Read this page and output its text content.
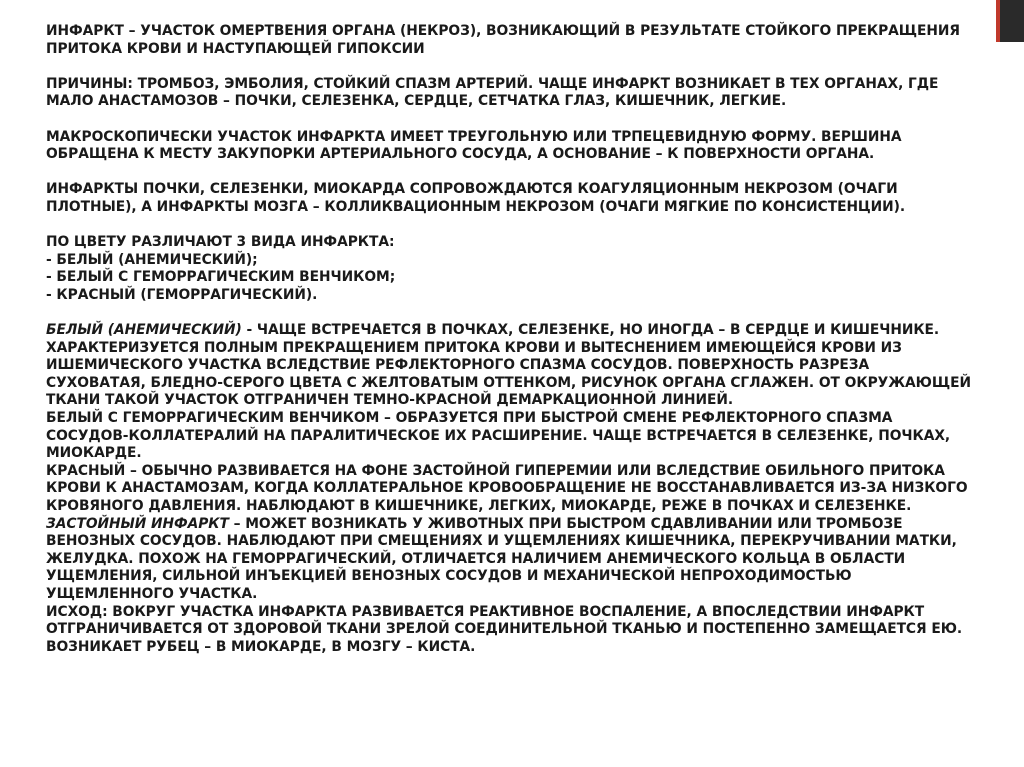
ИНФАРКТ – УЧАСТОК ОМЕРТВЕНИЯ ОРГАНА (НЕКРОЗ), ВОЗНИКАЮЩИЙ В РЕЗУЛЬТАТЕ СТОЙКОГО ПРЕКРАЩЕНИЯ ПРИТОКА КРОВИ И НАСТУПАЮЩЕЙ ГИПОКСИИ

ПРИЧИНЫ: ТРОМБОЗ, ЭМБОЛИЯ, СТОЙКИЙ СПАЗМ АРТЕРИЙ. ЧАЩЕ ИНФАРКТ ВОЗНИКАЕТ В ТЕХ ОРГАНАХ, ГДЕ МАЛО АНАСТАМОЗОВ – ПОЧКИ, СЕЛЕЗЕНКА, СЕРДЦЕ, СЕТЧАТКА ГЛАЗ, КИШЕЧНИК, ЛЕГКИЕ.

МАКРОСКОПИЧЕСКИ УЧАСТОК ИНФАРКТА ИМЕЕТ ТРЕУГОЛЬНУЮ ИЛИ ТРПЕЦЕВИДНУЮ ФОРМУ. ВЕРШИНА ОБРАЩЕНА К МЕСТУ ЗАКУПОРКИ АРТЕРИАЛЬНОГО СОСУДА, А ОСНОВАНИЕ – К ПОВЕРХНОСТИ ОРГАНА.

ИНФАРКТЫ ПОЧКИ, СЕЛЕЗЕНКИ, МИОКАРДА СОПРОВОЖДАЮТСЯ КОАГУЛЯЦИОННЫМ НЕКРОЗОМ (ОЧАГИ ПЛОТНЫЕ), А ИНФАРКТЫ МОЗГА – КОЛЛИКВАЦИОННЫМ НЕКРОЗОМ (ОЧАГИ МЯГКИЕ ПО КОНСИСТЕНЦИИ).

ПО ЦВЕТУ РАЗЛИЧАЮТ 3 ВИДА ИНФАРКТА:

- БЕЛЫЙ (АНЕМИЧЕСКИЙ);
- БЕЛЫЙ С ГЕМОРРАГИЧЕСКИМ ВЕНЧИКОМ;
- КРАСНЫЙ (ГЕМОРРАГИЧЕСКИЙ).

БЕЛЫЙ (АНЕМИЧЕСКИЙ) - ЧАЩЕ ВСТРЕЧАЕТСЯ В ПОЧКАХ, СЕЛЕЗЕНКЕ, НО ИНОГДА – В СЕРДЦЕ И КИШЕЧНИКЕ. ХАРАКТЕРИЗУЕТСЯ ПОЛНЫМ ПРЕКРАЩЕНИЕМ ПРИТОКА КРОВИ И ВЫТЕСНЕНИЕМ ИМЕЮЩЕЙСЯ КРОВИ ИЗ ИШЕМИЧЕСКОГО УЧАСТКА ВСЛЕДСТВИЕ РЕФЛЕКТОРНОГО СПАЗМА СОСУДОВ. ПОВЕРХНОСТЬ РАЗРЕЗА СУХОВАТАЯ, БЛЕДНО-СЕРОГО ЦВЕТА С ЖЕЛТОВАТЫМ ОТТЕНКОМ, РИСУНОК ОРГАНА СГЛАЖЕН. ОТ ОКРУЖАЮЩЕЙ ТКАНИ ТАКОЙ УЧАСТОК ОТГРАНИЧЕН ТЕМНО-КРАСНОЙ ДЕМАРКАЦИОННОЙ ЛИНИЕЙ.

БЕЛЫЙ С ГЕМОРРАГИЧЕСКИМ ВЕНЧИКОМ – ОБРАЗУЕТСЯ ПРИ БЫСТРОЙ СМЕНЕ РЕФЛЕКТОРНОГО СПАЗМА СОСУДОВ-КОЛЛАТЕРАЛИЙ НА ПАРАЛИТИЧЕСКОЕ ИХ РАСШИРЕНИЕ. ЧАЩЕ ВСТРЕЧАЕТСЯ В СЕЛЕЗЕНКЕ, ПОЧКАХ, МИОКАРДЕ.

КРАСНЫЙ – ОБЫЧНО РАЗВИВАЕТСЯ НА ФОНЕ ЗАСТОЙНОЙ ГИПЕРЕМИИ ИЛИ ВСЛЕДСТВИЕ ОБИЛЬНОГО ПРИТОКА КРОВИ К АНАСТАМОЗАМ, КОГДА КОЛЛАТЕРАЛЬНОЕ КРОВООБРАЩЕНИЕ НЕ ВОССТАНАВЛИВАЕТСЯ ИЗ-ЗА НИЗКОГО КРОВЯНОГО ДАВЛЕНИЯ. НАБЛЮДАЮТ В КИШЕЧНИКЕ, ЛЕГКИХ, МИОКАРДЕ, РЕЖЕ В ПОЧКАХ И СЕЛЕЗЕНКЕ.

ЗАСТОЙНЫЙ ИНФАРКТ – МОЖЕТ ВОЗНИКАТЬ У ЖИВОТНЫХ ПРИ БЫСТРОМ СДАВЛИВАНИИ ИЛИ ТРОМБОЗЕ ВЕНОЗНЫХ СОСУДОВ. НАБЛЮДАЮТ ПРИ СМЕЩЕНИЯХ И УЩЕМЛЕНИЯХ КИШЕЧНИКА, ПЕРЕКРУЧИВАНИИ МАТКИ, ЖЕЛУДКА. ПОХОЖ НА ГЕМОРРАГИЧЕСКИЙ, ОТЛИЧАЕТСЯ НАЛИЧИЕМ АНЕМИЧЕСКОГО КОЛЬЦА В ОБЛАСТИ УЩЕМЛЕНИЯ, СИЛЬНОЙ ИНЪЕКЦИЕЙ ВЕНОЗНЫХ СОСУДОВ И МЕХАНИЧЕСКОЙ НЕПРОХОДИМОСТЬЮ УЩЕМЛЕННОГО УЧАСТКА.

ИСХОД: ВОКРУГ УЧАСТКА ИНФАРКТА РАЗВИВАЕТСЯ РЕАКТИВНОЕ ВОСПАЛЕНИЕ, А ВПОСЛЕДСТВИИ ИНФАРКТ ОТГРАНИЧИВАЕТСЯ ОТ ЗДОРОВОЙ ТКАНИ ЗРЕЛОЙ СОЕДИНИТЕЛЬНОЙ ТКАНЬЮ И ПОСТЕПЕННО ЗАМЕЩАЕТСЯ ЕЮ. ВОЗНИКАЕТ РУБЕЦ – В МИОКАРДЕ, В МОЗГУ – КИСТА.
